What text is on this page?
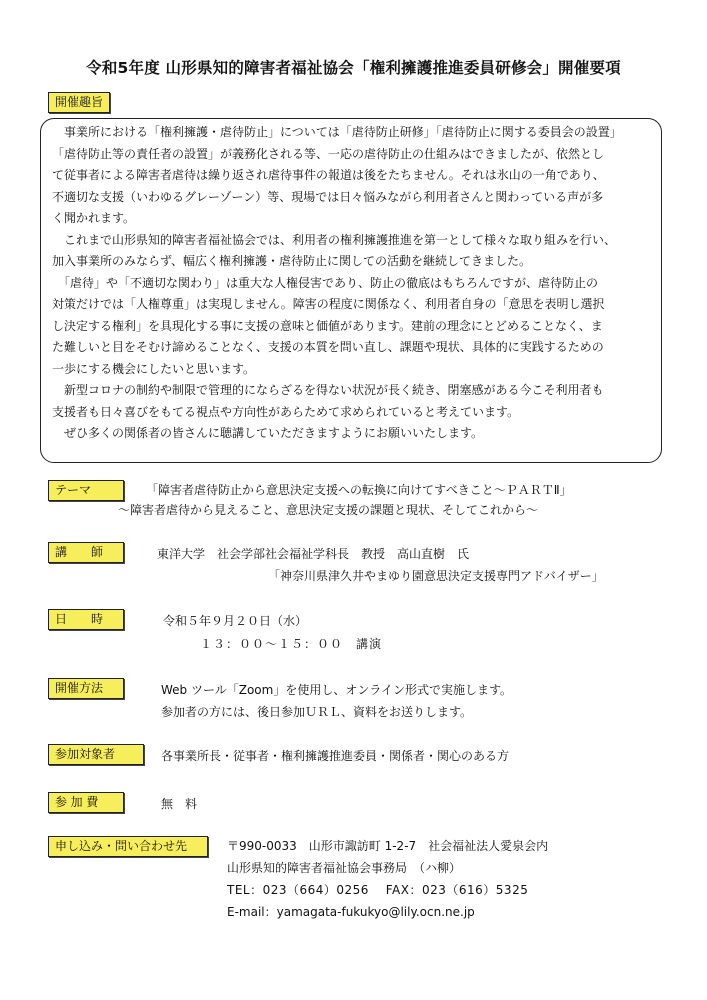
令和5年度 山形県知的障害者福祉協会「権利擁護推進委員研修会」開催要項
開催趣旨
　事業所における「権利擁護・虐待防止」については「虐待防止研修」「虐待防止に関する委員会の設置」
「虐待防止等の責任者の設置」が義務化される等、一応の虐待防止の仕組みはできましたが、依然とし
て従事者による障害者虐待は繰り返され虐待事件の報道は後をたちません。それは氷山の一角であり、
不適切な支援（いわゆるグレーゾーン）等、現場では日々悩みながら利用者さんと関わっている声が多
く聞かれます。
　これまで山形県知的障害者福祉協会では、利用者の権利擁護推進を第一として様々な取り組みを行い、
加入事業所のみならず、幅広く権利擁護・虐待防止に関しての活動を継続してきました。
　「虐待」や「不適切な関わり」は重大な人権侵害であり、防止の徹底はもちろんですが、虐待防止の
対策だけでは「人権尊重」は実現しません。障害の程度に関係なく、利用者自身の「意思を表明し選択
し決定する権利」を具現化する事に支援の意味と価値があります。建前の理念にとどめることなく、ま
た難しいと目をそむけ諦めることなく、支援の本質を問い直し、課題や現状、具体的に実践するための
一歩にする機会にしたいと思います。
　新型コロナの制約や制限で管理的にならざるを得ない状況が長く続き、閉塞感がある今こそ利用者も
支援者も日々喜びをもてる視点や方向性があらためて求められていると考えています。
　ぜひ多くの関係者の皆さんに聴講していただきますようにお願いいたします。
テーマ	「障害者虐待防止から意思決定支援への転換に向けてすべきこと～ＰＡＲＴⅡ」
～障害者虐待から見えること、意思決定支援の課題と現状、そしてこれから～
講　師	東洋大学　社会学部社会福祉学科長　教授　高山直樹　氏
「神奈川県津久井やまゆり園意思決定支援専門アドバイザー」
日　時	令和５年９月２０日（水）
１３：００～１５：００　講演
開催方法	Web ツール「Zoom」を使用し、オンライン形式で実施します。
参加者の方には、後日参加ＵＲＬ、資料をお送りします。
参加対象者	各事業所長・従事者・権利擁護推進委員・関係者・関心のある方
参加費	無　料
申し込み・問い合わせ先	〒990-0033　山形市諏訪町 1-2-7　社会福祉法人愛泉会内
山形県知的障害者福祉協会事務局　（ハ柳）
TEL：023（664）0256　 FAX：023（616）5325
E-mail：yamagata-fukukyo@lily.ocn.ne.jp
